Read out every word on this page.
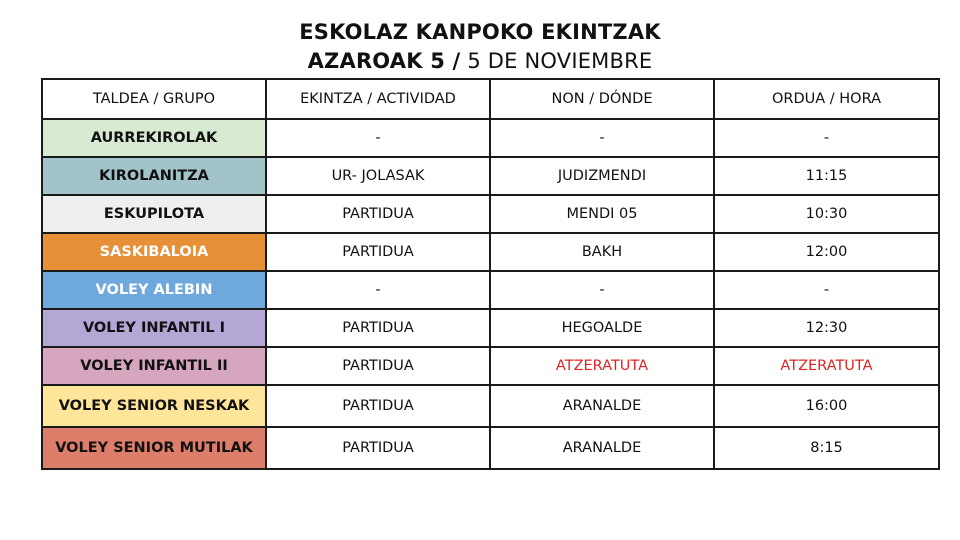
ESKOLAZ KANPOKO EKINTZAK
AZAROAK 5 / 5 DE NOVIEMBRE
TALDEA / GRUPO	EKINTZA / ACTIVIDAD	NON / DÓNDE	ORDUA / HORA
AURREKIROLAK	-	-	-
KIROLANITZA	UR- JOLASAK	JUDIZMENDI	11:15
ESKUPILOTA	PARTIDUA	MENDI 05	10:30
SASKIBALOIA	PARTIDUA	BAKH	12:00
VOLEY ALEBIN	-	-	-
VOLEY INFANTIL I	PARTIDUA	HEGOALDE	12:30
VOLEY INFANTIL II	PARTIDUA	ATZERATUTA	ATZERATUTA
VOLEY SENIOR NESKAK	PARTIDUA	ARANALDE	16:00
VOLEY SENIOR MUTILAK	PARTIDUA	ARANALDE	8:15
